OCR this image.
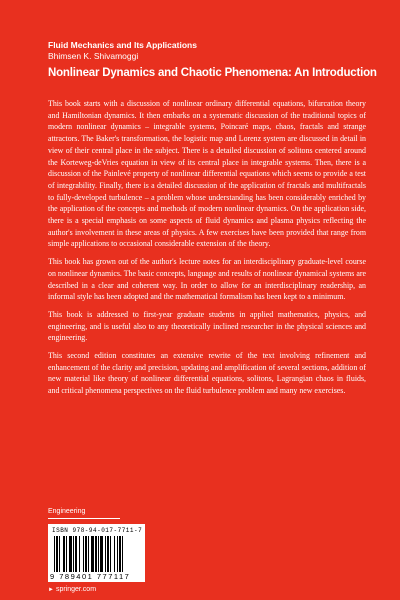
Fluid Mechanics and Its Applications
Bhimsen K. Shivamoggi
Nonlinear Dynamics and Chaotic Phenomena: An Introduction

This book starts with a discussion of nonlinear ordinary differential equations, bifurcation theory and Hamiltonian dynamics. It then embarks on a systematic discussion of the traditional topics of modern nonlinear dynamics – integrable systems, Poincaré maps, chaos, fractals and strange attractors. The Baker's transformation, the logistic map and Lorenz system are discussed in detail in view of their central place in the subject. There is a detailed discussion of solitons centered around the Korteweg-deVries equation in view of its central place in integrable systems. Then, there is a discussion of the Painlevé property of nonlinear differential equations which seems to provide a test of integrability. Finally, there is a detailed discussion of the application of fractals and multifractals to fully-developed turbulence – a problem whose understanding has been considerably enriched by the application of the concepts and methods of modern nonlinear dynamics. On the application side, there is a special emphasis on some aspects of fluid dynamics and plasma physics reflecting the author's involvement in these areas of physics. A few exercises have been provided that range from simple applications to occasional considerable extension of the theory.

This book has grown out of the author's lecture notes for an interdisciplinary graduate-level course on nonlinear dynamics. The basic concepts, language and results of nonlinear dynamical systems are described in a clear and coherent way. In order to allow for an interdisciplinary readership, an informal style has been adopted and the mathematical formalism has been kept to a minimum.

This book is addressed to first-year graduate students in applied mathematics, physics, and engineering, and is useful also to any theoretically inclined researcher in the physical sciences and engineering.

This second edition constitutes an extensive rewrite of the text involving refinement and enhancement of the clarity and precision, updating and amplification of several sections, addition of new material like theory of nonlinear differential equations, solitons, Lagrangian chaos in fluids, and critical phenomena perspectives on the fluid turbulence problem and many new exercises.

Engineering
ISBN 978-94-017-7711-7
9 789401 777117
► springer.com
